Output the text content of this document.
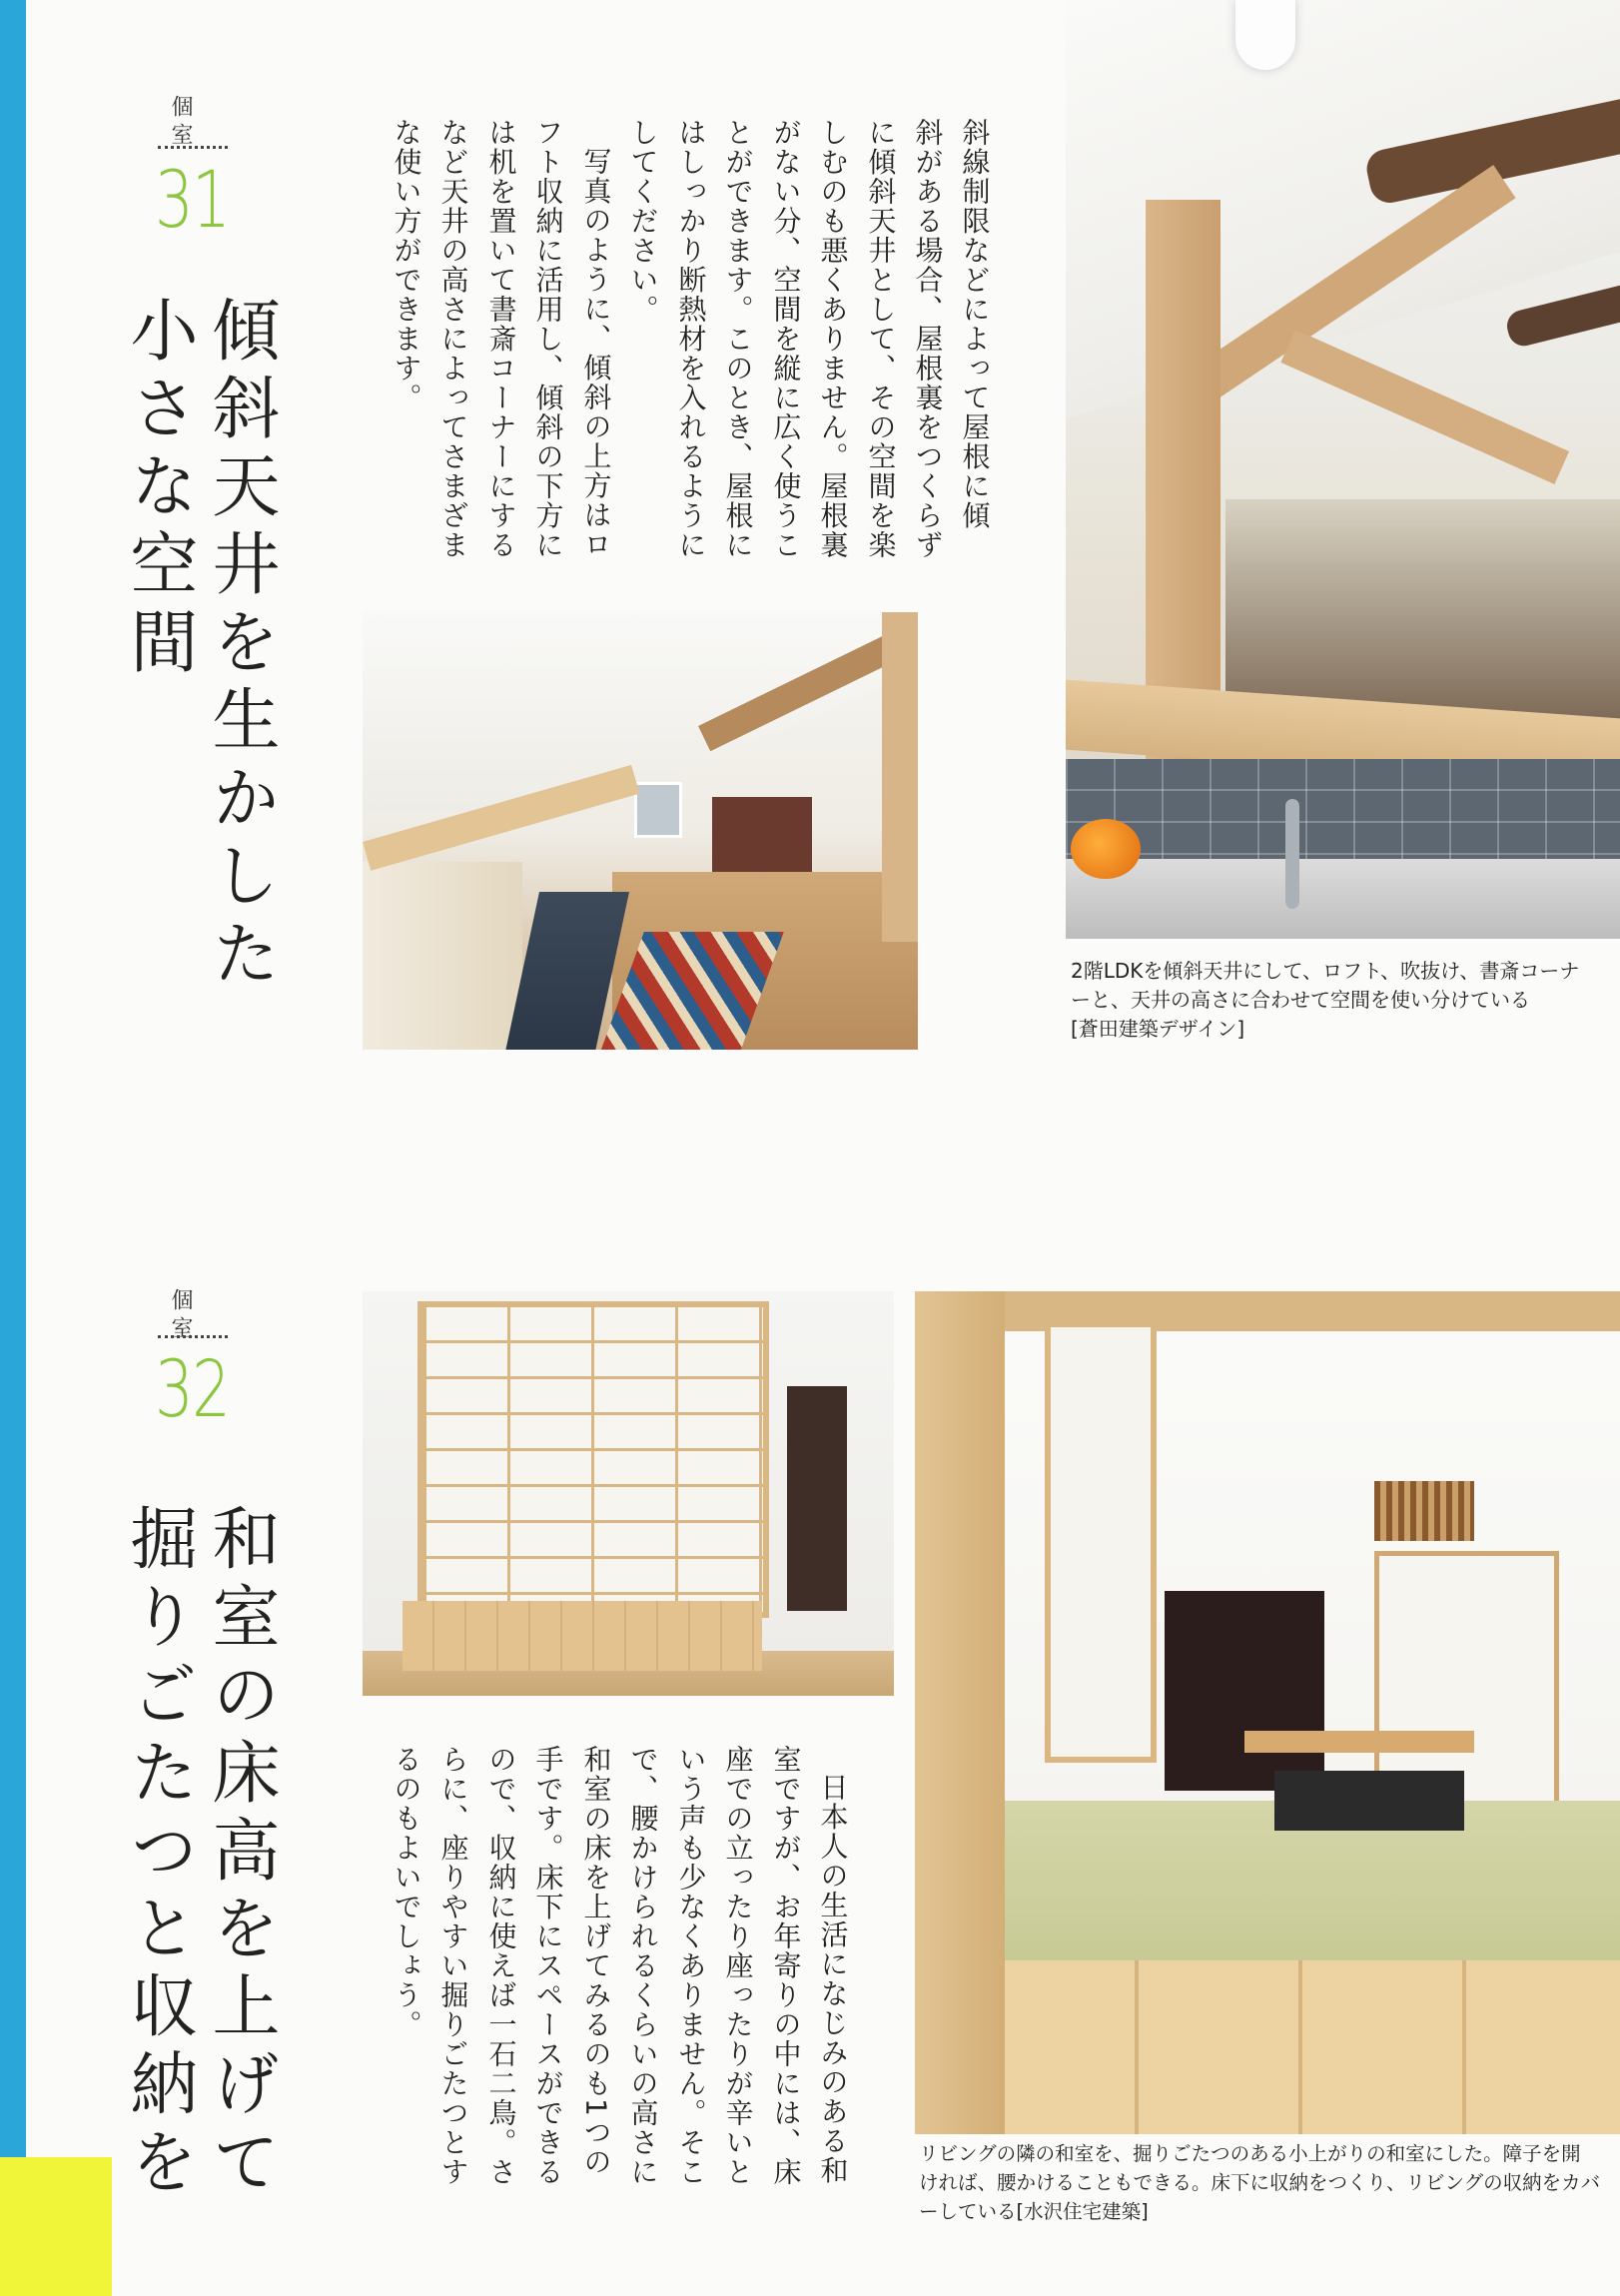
個室

31

傾斜天井を生かした

小さな空間	斜線制限などによって屋根に傾

斜がある場合、屋根裏をつくらず

に傾斜天井として、その空間を楽

しむのも悪くありません。屋根裏

がない分、空間を縦に広く使うこ

とができます。このとき、屋根に

はしっかり断熱材を入れるように

してください。

写真のように、傾斜の上方はロ

フト収納に活用し、傾斜の下方に

は机を置いて書斎コーナーにする

など天井の高さによってさまざま

な使い方ができます。

2階LDKを傾斜天井にして、ロフト、吹抜け、書斎コーナ
ーと、天井の高さに合わせて空間を使い分けている
[蒼田建築デザイン]

個室

32

和室の床高を上げて

掘りごたつと収納を	日本人の生活になじみのある和

室ですが、お年寄りの中には、床

座での立ったり座ったりが辛いと

いう声も少なくありません。そこ

で、腰かけられるくらいの高さに

和室の床を上げてみるのも1つの

手です。床下にスペースができる

ので、収納に使えば一石二鳥。さ

らに、座りやすい掘りごたつとす

るのもよいでしょう。

リビングの隣の和室を、掘りごたつのある小上がりの和室にした。障子を開
ければ、腰かけることもできる。床下に収納をつくり、リビングの収納をカバ
ーしている[水沢住宅建築]
